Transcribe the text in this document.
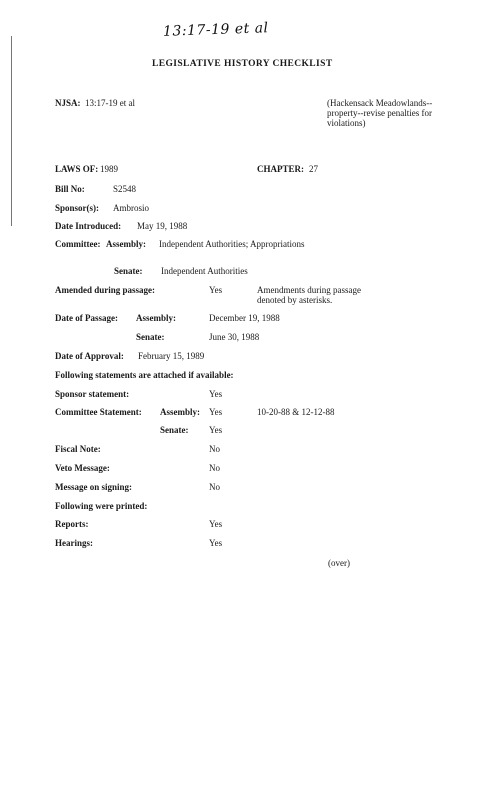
13:17-19 et al
LEGISLATIVE HISTORY CHECKLIST
NJSA: 13:17-19 et al	(Hackensack Meadowlands--property--revise penalties for violations)
LAWS OF: 1989	CHAPTER: 27
Bill No:	S2548
Sponsor(s): Ambrosio
Date Introduced: May 19, 1988
Committee: Assembly: Independent Authorities; Appropriations
Senate: Independent Authorities
Amended during passage:	Yes	Amendments during passage denoted by asterisks.
Date of Passage: Assembly:	December 19, 1988
Senate:	June 30, 1988
Date of Approval: February 15, 1989
Following statements are attached if available:
Sponsor statement:	Yes
Committee Statement: Assembly: Yes	10-20-88 & 12-12-88
Senate: Yes
Fiscal Note:	No
Veto Message:	No
Message on signing:	No
Following were printed:
Reports:	Yes
Hearings:	Yes
(over)
